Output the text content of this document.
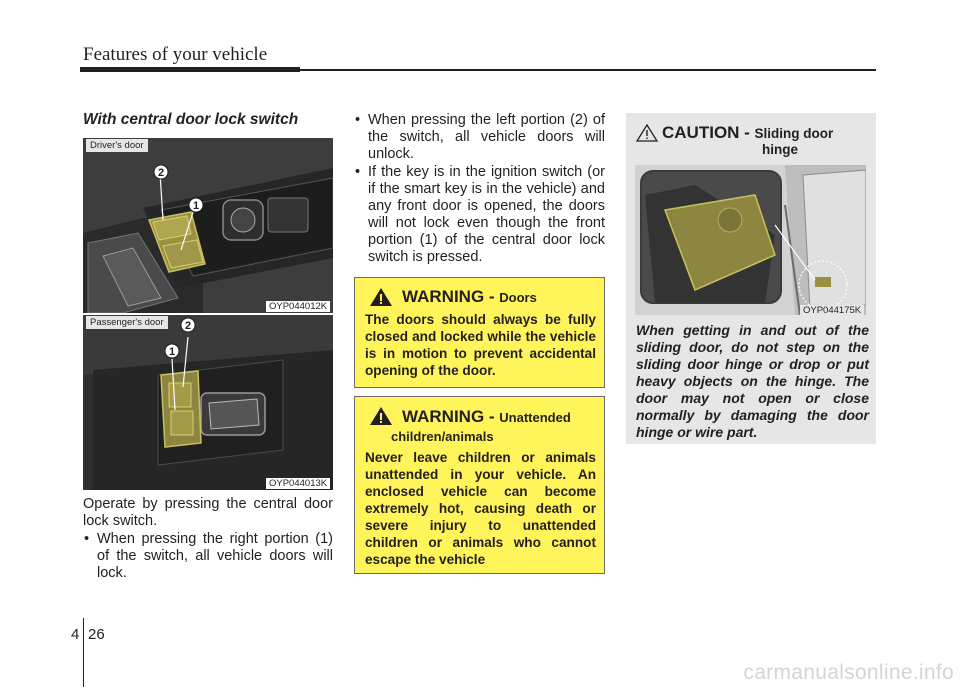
Features of your vehicle
With central door lock switch
Driver's door
OYP044012K
2
1
Passenger's door
OYP044013K
2
1
Operate by pressing the central door lock switch.
• When pressing the right portion (1) of the switch, all vehicle doors will lock.
• When pressing the left portion (2) of the switch, all vehicle doors will unlock.
• If the key is in the ignition switch (or if the smart key is in the vehicle) and any front door is opened, the doors will not lock even though the front portion (1) of the central door lock switch is pressed.
WARNING - Doors
The doors should always be fully closed and locked while the vehicle is in motion to prevent accidental opening of the door.
WARNING - Unattended
children/animals
Never leave children or animals unattended in your vehicle. An enclosed vehicle can become extremely hot, causing death or severe injury to unattended children or animals who cannot escape the vehicle
CAUTION - Sliding door
hinge
When getting in and out of the sliding door, do not step on the sliding door hinge or drop or put heavy objects on the hinge. The door may not open or close normally by damaging the door hinge or wire part.
OYP044175K
4 26
carmanualsonline.info
